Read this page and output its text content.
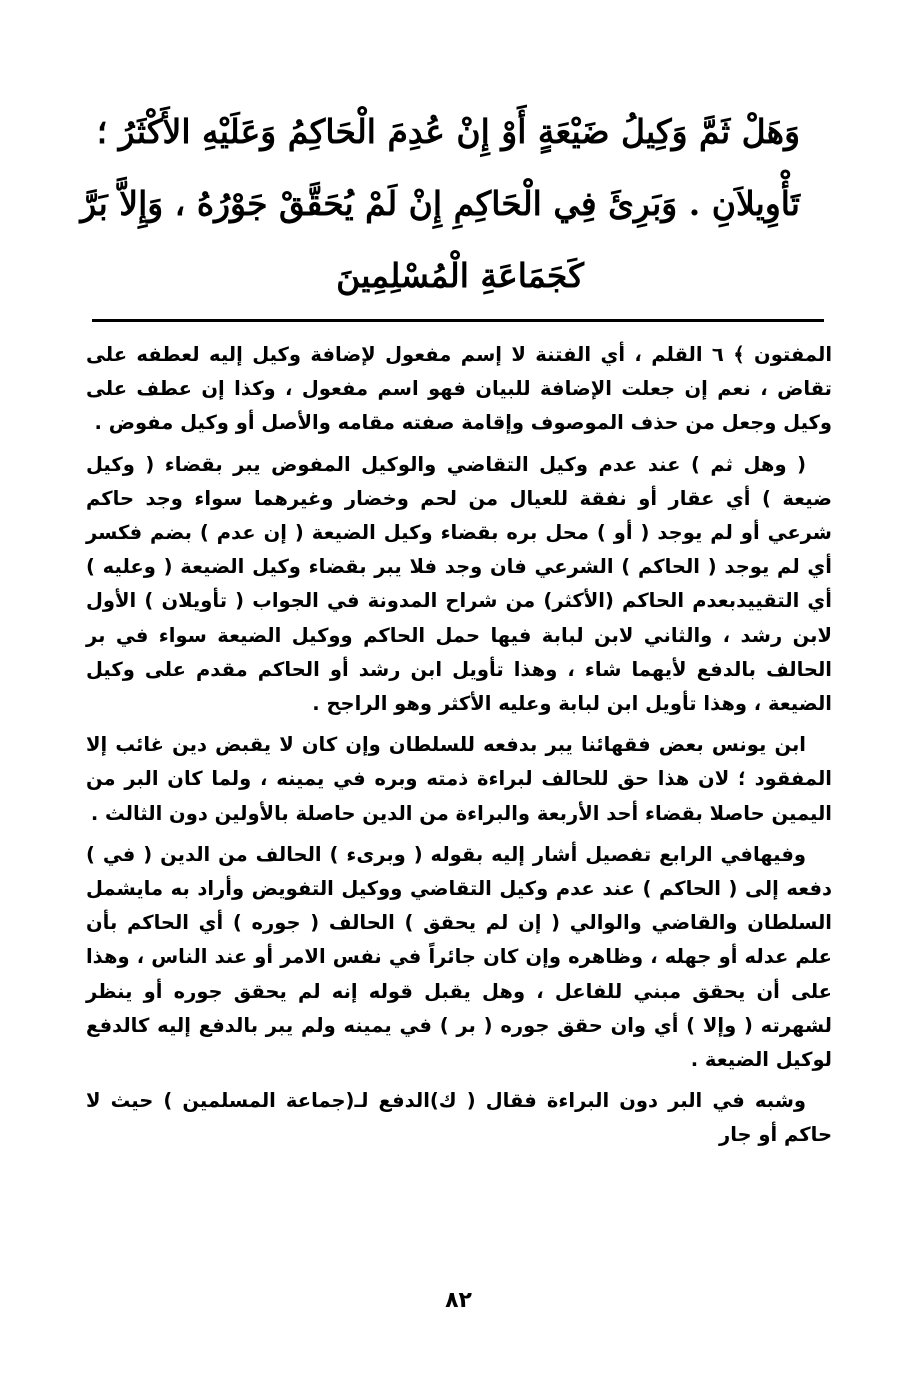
وَهَلْ ثَمَّ وَكِيلُ ضَيْعَةٍ أَوْ إِنْ عُدِمَ الْحَاكِمُ وَعَلَيْهِ الأَكْثَرُ ؛
تَأْوِيلاَنِ . وَبَرِئَ فِي الْحَاكِمِ إِنْ لَمْ يُحَقَّقْ جَوْرُهُ ، وَإِلاَّ بَرَّ
كَجَمَاعَةِ الْمُسْلِمِينَ

المفتون ﴾ ٦ القلم ، أي الفتنة لا إسم مفعول لإضافة وكيل إليه لعطفه على تقاض ، نعم إن جعلت الإضافة للبيان فهو اسم مفعول ، وكذا إن عطف على وكيل وجعل من حذف الموصوف وإقامة صفته مقامه والأصل أو وكيل مفوض .

( وهل ثم ) عند عدم وكيل التقاضي والوكيل المفوض يبر بقضاء ( وكيل ضيعة ) أي عقار أو نفقة للعيال من لحم وخضار وغيرهما سواء وجد حاكم شرعي أو لم يوجد ( أو ) محل بره بقضاء وكيل الضيعة ( إن عدم ) بضم فكسر أي لم يوجد ( الحاكم ) الشرعي فان وجد فلا يبر بقضاء وكيل الضيعة ( وعليه ) أي التقييدبعدم الحاكم (الأكثر) من شراح المدونة في الجواب ( تأويلان ) الأول لابن رشد ، والثاني لابن لبابة فيها حمل الحاكم ووكيل الضيعة سواء في بر الحالف بالدفع لأيهما شاء ، وهذا تأويل ابن رشد أو الحاكم مقدم على وكيل الضيعة ، وهذا تأويل ابن لبابة وعليه الأكثر وهو الراجح .

ابن يونس بعض فقهائنا يبر بدفعه للسلطان وإن كان لا يقبض دين غائب إلا المفقود ؛ لان هذا حق للحالف لبراءة ذمته وبره في يمينه ، ولما كان البر من اليمين حاصلا بقضاء أحد الأربعة والبراءة من الدين حاصلة بالأولين دون الثالث .

وفيهافي الرابع تفصيل أشار إليه بقوله ( وبرىء ) الحالف من الدين ( في ) دفعه إلى ( الحاكم ) عند عدم وكيل التقاضي ووكيل التفويض وأراد به مايشمل السلطان والقاضي والوالي ( إن لم يحقق ) الحالف ( جوره ) أي الحاكم بأن علم عدله أو جهله ، وظاهره وإن كان جائراً في نفس الامر أو عند الناس ، وهذا على أن يحقق مبني للفاعل ، وهل يقبل قوله إنه لم يحقق جوره أو ينظر لشهرته ( وإلا ) أي وان حقق جوره ( بر ) في يمينه ولم يبر بالدفع إليه كالدفع لوكيل الضيعة .

وشبه في البر دون البراءة فقال ( ك)الدفع لـ(جماعة المسلمين ) حيث لا حاكم أو جار

٨٢
